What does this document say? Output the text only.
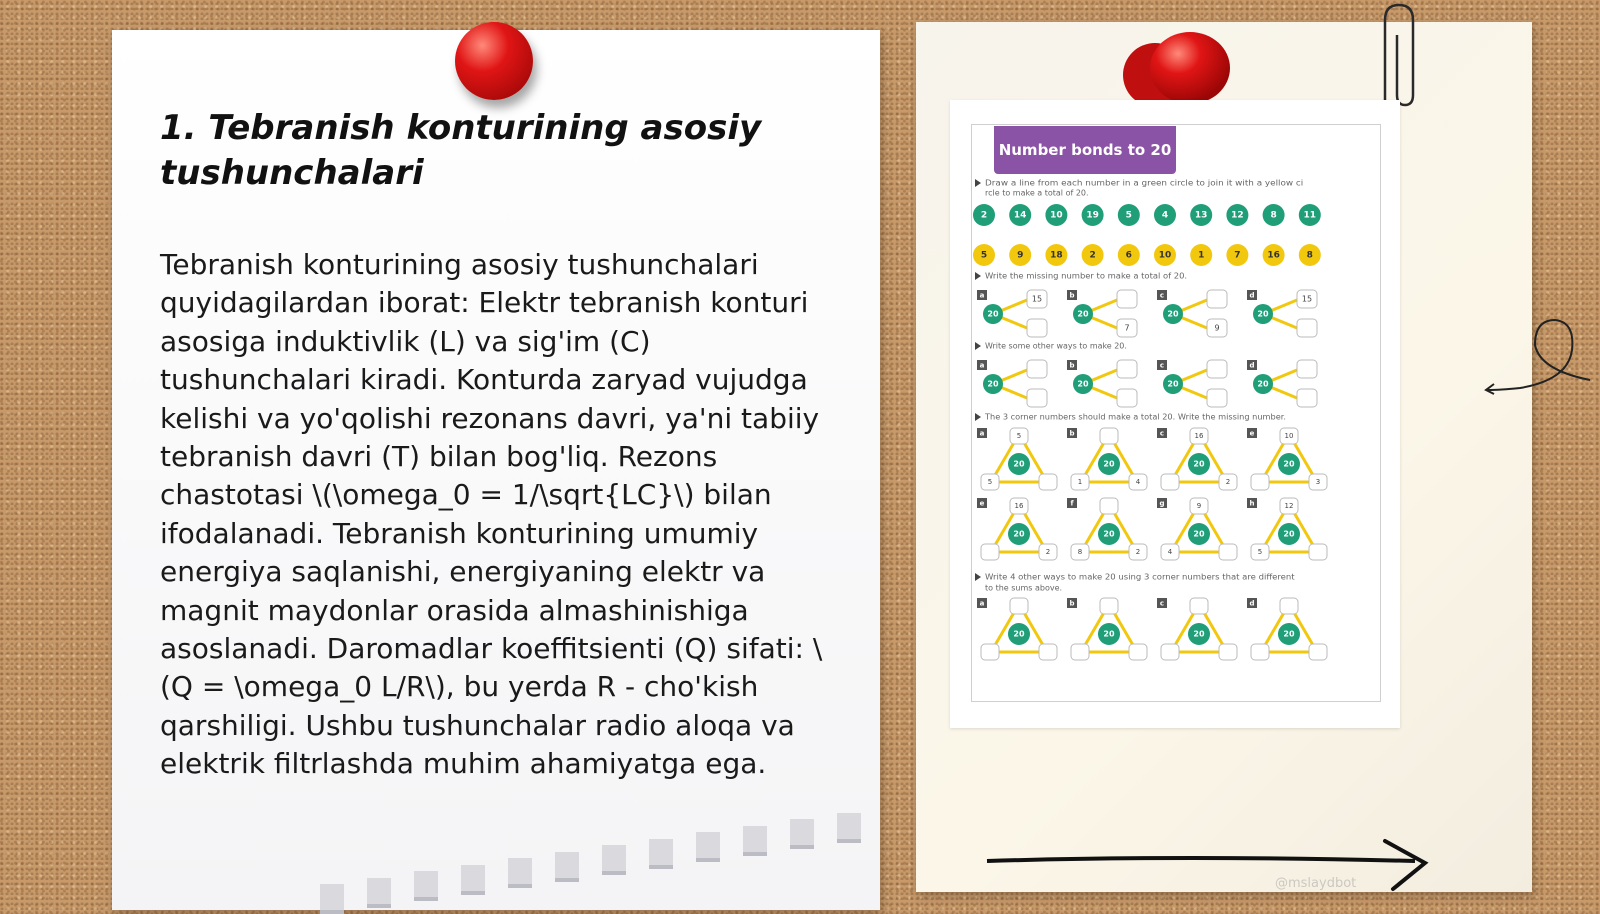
1. Tebranish konturining asosiy tushunchalari

Tebranish konturining asosiy tushunchalari quyidagilardan iborat: Elektr tebranish konturi asosiga induktivlik (L) va sig'im (C) tushunchalari kiradi. Konturda zaryad vujudga kelishi va yo'qolishi rezonans davri, ya'ni tabiiy tebranish davri (T) bilan bog'liq. Rezons chastotasi \(\omega_0 = 1/\sqrt{LC}\) bilan ifodalanadi. Tebranish konturining umumiy energiya saqlanishi, energiyaning elektr va magnit maydonlar orasida almashinishiga asoslanadi. Daromadlar koeffitsienti (Q) sifati: \(Q = \omega_0 L/R\), bu yerda R - cho'kish qarshiligi. Ushbu tushunchalar radio aloqa va elektrik filtrlashda muhim ahamiyatga ega.

Number bonds to 20
Draw a line from each number in a green circle to join it with a yellow ci
rcle to make a total of 20.
2	14	10	19	5	4	13	12	8	11
5	9	18	2	6	10	1	7	16	8
Write the missing number to make a total of 20.
a
20
15	b
20
7
c
20
9
d
20
15
Write some other ways to make 20.
a
20
b
20
c
20
d
20
The 3 corner numbers should make a total 20. Write the missing number.
a
20
5
5
b
20
1	4
c
20
16
2
e
20
10
3
e
20
16
2
f
20
8	2
g
20
9
4
h
20
12
5
Write 4 other ways to make 20 using 3 corner numbers that are different
to the sums above.
a
20
b
20
c
20
d
20
@mslaydbot
